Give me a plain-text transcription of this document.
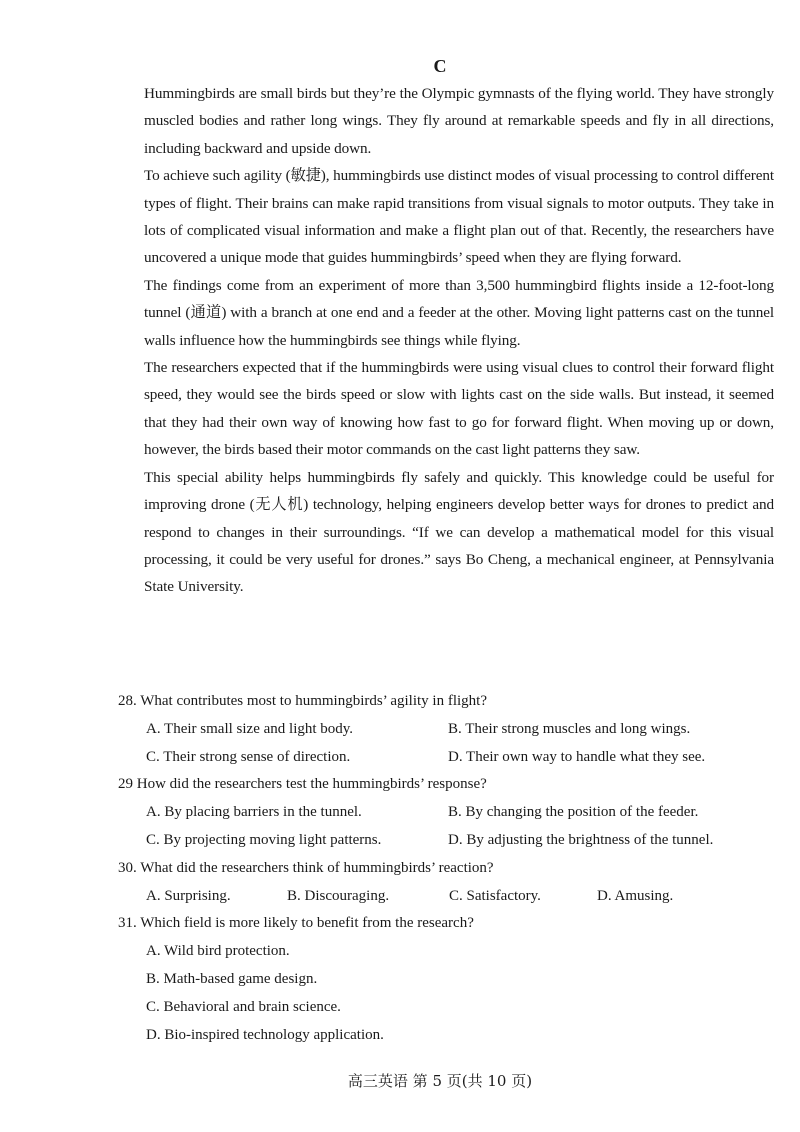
C

Hummingbirds are small birds but they’re the Olympic gymnasts of the flying world. They have strongly muscled bodies and rather long wings. They fly around at remarkable speeds and fly in all directions, including backward and upside down.

To achieve such agility (敏捷), hummingbirds use distinct modes of visual processing to control different types of flight. Their brains can make rapid transitions from visual signals to motor outputs. They take in lots of complicated visual information and make a flight plan out of that. Recently, the researchers have uncovered a unique mode that guides hummingbirds’ speed when they are flying forward.

The findings come from an experiment of more than 3,500 hummingbird flights inside a 12-foot-long tunnel (通道) with a branch at one end and a feeder at the other. Moving light patterns cast on the tunnel walls influence how the hummingbirds see things while flying.

The researchers expected that if the hummingbirds were using visual clues to control their forward flight speed, they would see the birds speed or slow with lights cast on the side walls. But instead, it seemed that they had their own way of knowing how fast to go for forward flight. When moving up or down, however, the birds based their motor commands on the cast light patterns they saw.

This special ability helps hummingbirds fly safely and quickly. This knowledge could be useful for improving drone (无人机) technology, helping engineers develop better ways for drones to predict and respond to changes in their surroundings. “If we can develop a mathematical model for this visual processing, it could be very useful for drones.” says Bo Cheng, a mechanical engineer, at Pennsylvania State University.

28. What contributes most to hummingbirds’ agility in flight?

A. Their small size and light body.	B. Their strong muscles and long wings.
C. Their strong sense of direction.	D. Their own way to handle what they see.

29 How did the researchers test the hummingbirds’ response?

A. By placing barriers in the tunnel.	B. By changing the position of the feeder.
C. By projecting moving light patterns.	D. By adjusting the brightness of the tunnel.

30. What did the researchers think of hummingbirds’ reaction?

A. Surprising.	B. Discouraging.	C. Satisfactory.	D. Amusing.

31. Which field is more likely to benefit from the research?

A. Wild bird protection.
B. Math-based game design.
C. Behavioral and brain science.
D. Bio-inspired technology application.
高三英语 第 5 页(共 10 页)
